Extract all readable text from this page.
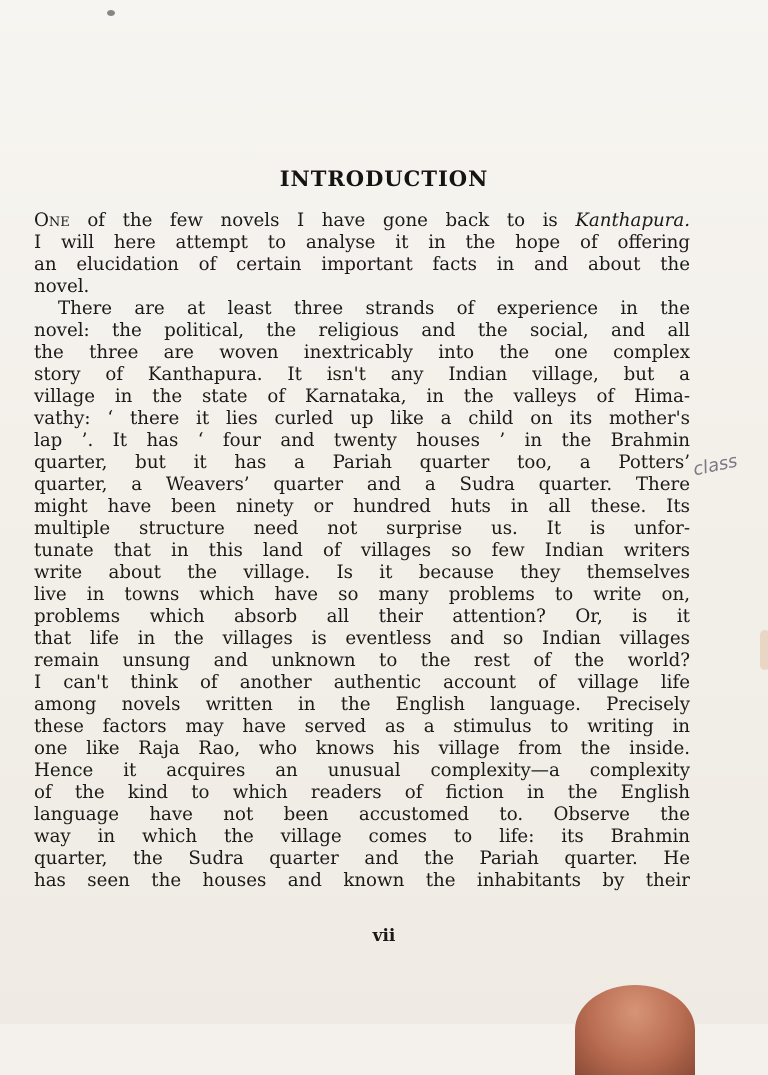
INTRODUCTION
One of the few novels I have gone back to is Kanthapura.
I will here attempt to analyse it in the hope of offering
an elucidation of certain important facts in and about the
novel.
There are at least three strands of experience in the
novel: the political, the religious and the social, and all
the three are woven inextricably into the one complex
story of Kanthapura. It isn't any Indian village, but a
village in the state of Karnataka, in the valleys of Hima-
vathy: ‘ there it lies curled up like a child on its mother's
lap ’. It has ‘ four and twenty houses ’ in the Brahmin
quarter, but it has a Pariah quarter too, a Potters’
quarter, a Weavers’ quarter and a Sudra quarter. There
might have been ninety or hundred huts in all these. Its
multiple structure need not surprise us. It is unfor-
tunate that in this land of villages so few Indian writers
write about the village. Is it because they themselves
live in towns which have so many problems to write on,
problems which absorb all their attention? Or, is it
that life in the villages is eventless and so Indian villages
remain unsung and unknown to the rest of the world?
I can't think of another authentic account of village life
among novels written in the English language. Precisely
these factors may have served as a stimulus to writing in
one like Raja Rao, who knows his village from the inside.
Hence it acquires an unusual complexity—a complexity
of the kind to which readers of fiction in the English
language have not been accustomed to. Observe the
way in which the village comes to life: its Brahmin
quarter, the Sudra quarter and the Pariah quarter. He
has seen the houses and known the inhabitants by their
class
vii
